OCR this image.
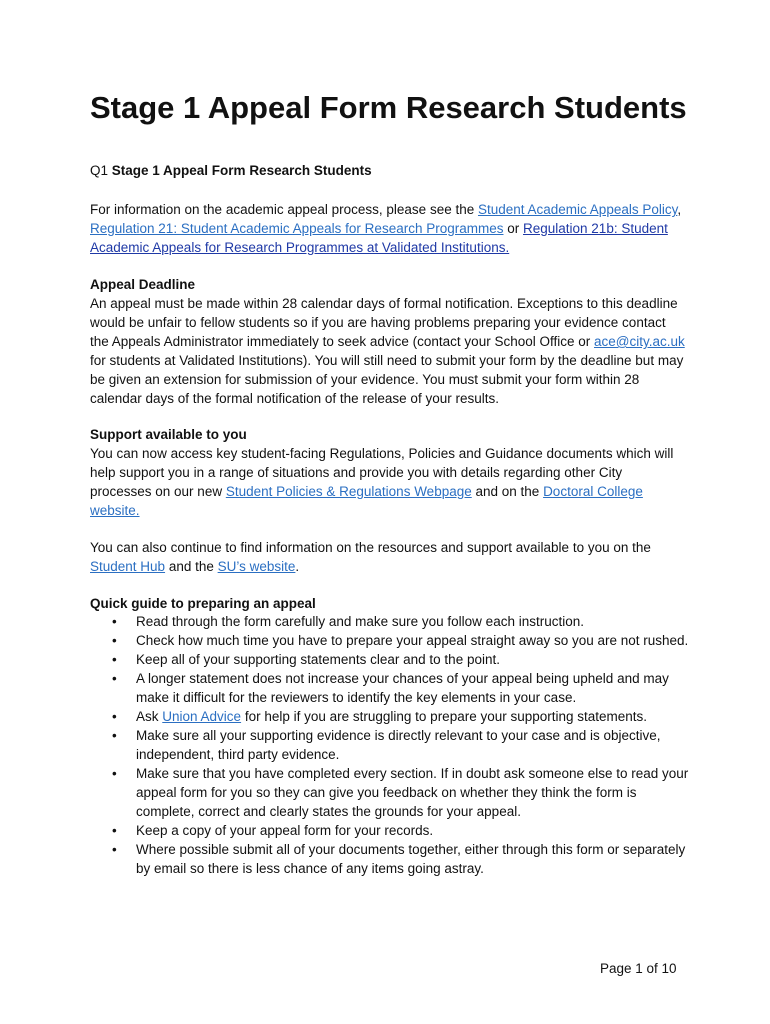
Stage 1 Appeal Form Research Students
Q1 Stage 1 Appeal Form Research Students
For information on the academic appeal process, please see the Student Academic Appeals Policy, Regulation 21: Student Academic Appeals for Research Programmes or Regulation 21b: Student Academic Appeals for Research Programmes at Validated Institutions.
Appeal Deadline
An appeal must be made within 28 calendar days of formal notification. Exceptions to this deadline would be unfair to fellow students so if you are having problems preparing your evidence contact the Appeals Administrator immediately to seek advice (contact your School Office or ace@city.ac.uk for students at Validated Institutions). You will still need to submit your form by the deadline but may be given an extension for submission of your evidence. You must submit your form within 28 calendar days of the formal notification of the release of your results.
Support available to you
You can now access key student-facing Regulations, Policies and Guidance documents which will help support you in a range of situations and provide you with details regarding other City processes on our new Student Policies & Regulations Webpage and on the Doctoral College website.
You can also continue to find information on the resources and support available to you on the Student Hub and the SU’s website.
Quick guide to preparing an appeal
• Read through the form carefully and make sure you follow each instruction.
• Check how much time you have to prepare your appeal straight away so you are not rushed.
• Keep all of your supporting statements clear and to the point.
• A longer statement does not increase your chances of your appeal being upheld and may make it difficult for the reviewers to identify the key elements in your case.
• Ask Union Advice for help if you are struggling to prepare your supporting statements.
• Make sure all your supporting evidence is directly relevant to your case and is objective, independent, third party evidence.
• Make sure that you have completed every section. If in doubt ask someone else to read your appeal form for you so they can give you feedback on whether they think the form is complete, correct and clearly states the grounds for your appeal.
• Keep a copy of your appeal form for your records.
• Where possible submit all of your documents together, either through this form or separately by email so there is less chance of any items going astray.
Page 1 of 10
